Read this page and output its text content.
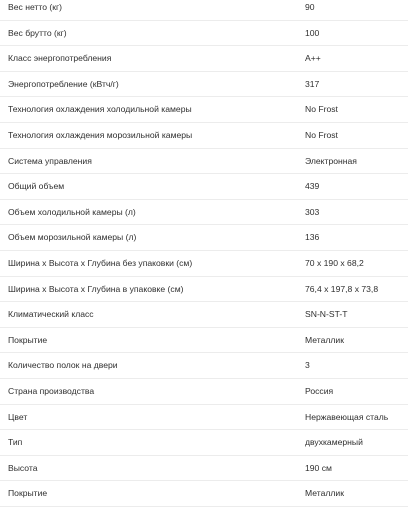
Вес нетто (кг)	90
Вес брутто (кг)	100
Класс энергопотребления	A++
Энергопотребление (кВтч/г)	317
Технология охлаждения холодильной камеры	No Frost
Технология охлаждения морозильной камеры	No Frost
Система управления	Электронная
Общий объем	439
Объем холодильной камеры (л)	303
Объем морозильной камеры (л)	136
Ширина х Высота х Глубина без упаковки (см)	70 х 190 х 68,2
Ширина х Высота х Глубина в упаковке (см)	76,4 х 197,8 х 73,8
Климатический класс	SN-N-ST-T
Покрытие	Металлик
Количество полок на двери	3
Страна производства	Россия
Цвет	Нержавеющая сталь
Тип	двухкамерный
Высота	190 см
Покрытие	Металлик
